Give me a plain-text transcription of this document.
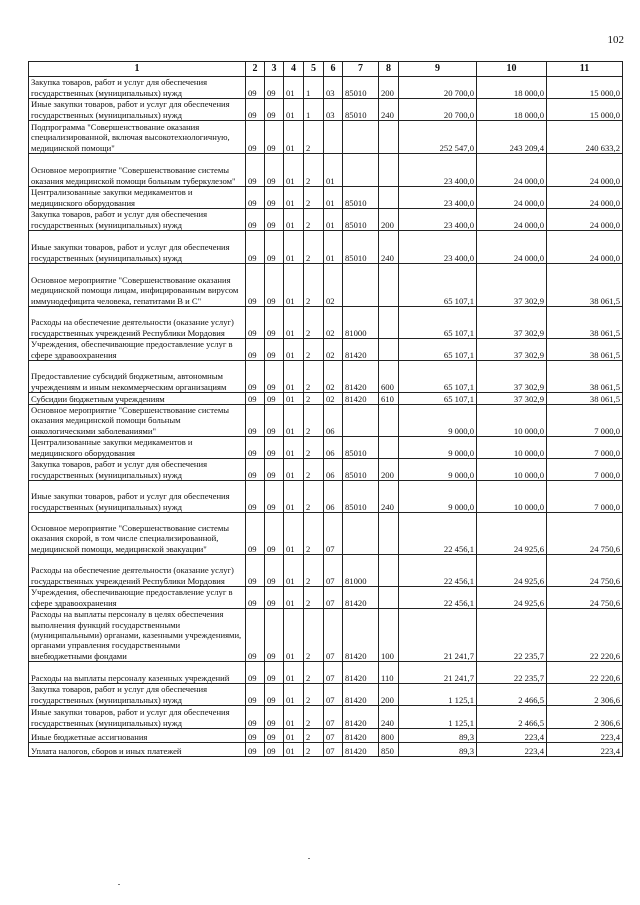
102
1	2	3	4	5	6	7	8	9	10	11
Закупка товаров, работ и услуг для обеспечения государственных (муниципальных) нужд	09	09	01	1	03	85010	200	20 700,0	18 000,0	15 000,0
Иные закупки товаров, работ и услуг для обеспечения государственных (муниципальных) нужд	09	09	01	1	03	85010	240	20 700,0	18 000,0	15 000,0
Подпрограмма "Совершенствование оказания специализированной, включая высокотехнологичную, медицинской помощи"	09	09	01	2				252 547,0	243 209,4	240 633,2
Основное мероприятие "Совершенствование системы оказания медицинской помощи больным туберкулезом"	09	09	01	2	01			23 400,0	24 000,0	24 000,0
Централизованные закупки медикаментов и медицинского оборудования	09	09	01	2	01	85010		23 400,0	24 000,0	24 000,0
Закупка товаров, работ и услуг для обеспечения государственных (муниципальных) нужд	09	09	01	2	01	85010	200	23 400,0	24 000,0	24 000,0
Иные закупки товаров, работ и услуг для обеспечения государственных (муниципальных) нужд	09	09	01	2	01	85010	240	23 400,0	24 000,0	24 000,0
Основное мероприятие "Совершенствование оказания медицинской помощи лицам, инфицированным вирусом иммунодефицита человека, гепатитами В и С"	09	09	01	2	02			65 107,1	37 302,9	38 061,5
Расходы на обеспечение деятельности (оказание услуг) государственных учреждений Республики Мордовия	09	09	01	2	02	81000		65 107,1	37 302,9	38 061,5
Учреждения, обеспечивающие предоставление услуг в сфере здравоохранения	09	09	01	2	02	81420		65 107,1	37 302,9	38 061,5
Предоставление субсидий бюджетным, автономным учреждениям и иным некоммерческим организациям	09	09	01	2	02	81420	600	65 107,1	37 302,9	38 061,5
Субсидии бюджетным учреждениям	09	09	01	2	02	81420	610	65 107,1	37 302,9	38 061,5
Основное мероприятие "Совершенствование системы оказания медицинской помощи больным онкологическими заболеваниями"	09	09	01	2	06			9 000,0	10 000,0	7 000,0
Централизованные закупки медикаментов и медицинского оборудования	09	09	01	2	06	85010		9 000,0	10 000,0	7 000,0
Закупка товаров, работ и услуг для обеспечения государственных (муниципальных) нужд	09	09	01	2	06	85010	200	9 000,0	10 000,0	7 000,0
Иные закупки товаров, работ и услуг для обеспечения государственных (муниципальных) нужд	09	09	01	2	06	85010	240	9 000,0	10 000,0	7 000,0
Основное мероприятие "Совершенствование системы оказания скорой, в том числе специализированной, медицинской помощи, медицинской эвакуации"	09	09	01	2	07			22 456,1	24 925,6	24 750,6
Расходы на обеспечение деятельности (оказание услуг) государственных учреждений Республики Мордовия	09	09	01	2	07	81000		22 456,1	24 925,6	24 750,6
Учреждения, обеспечивающие предоставление услуг в сфере здравоохранения	09	09	01	2	07	81420		22 456,1	24 925,6	24 750,6
Расходы на выплаты персоналу в целях обеспечения выполнения функций государственными (муниципальными) органами, казенными учреждениями, органами управления государственными внебюджетными фондами	09	09	01	2	07	81420	100	21 241,7	22 235,7	22 220,6
Расходы на выплаты персоналу казенных учреждений	09	09	01	2	07	81420	110	21 241,7	22 235,7	22 220,6
Закупка товаров, работ и услуг для обеспечения государственных (муниципальных) нужд	09	09	01	2	07	81420	200	1 125,1	2 466,5	2 306,6
Иные закупки товаров, работ и услуг для обеспечения государственных (муниципальных) нужд	09	09	01	2	07	81420	240	1 125,1	2 466,5	2 306,6
Иные бюджетные ассигнования	09	09	01	2	07	81420	800	89,3	223,4	223,4
Уплата налогов, сборов и иных платежей	09	09	01	2	07	81420	850	89,3	223,4	223,4
